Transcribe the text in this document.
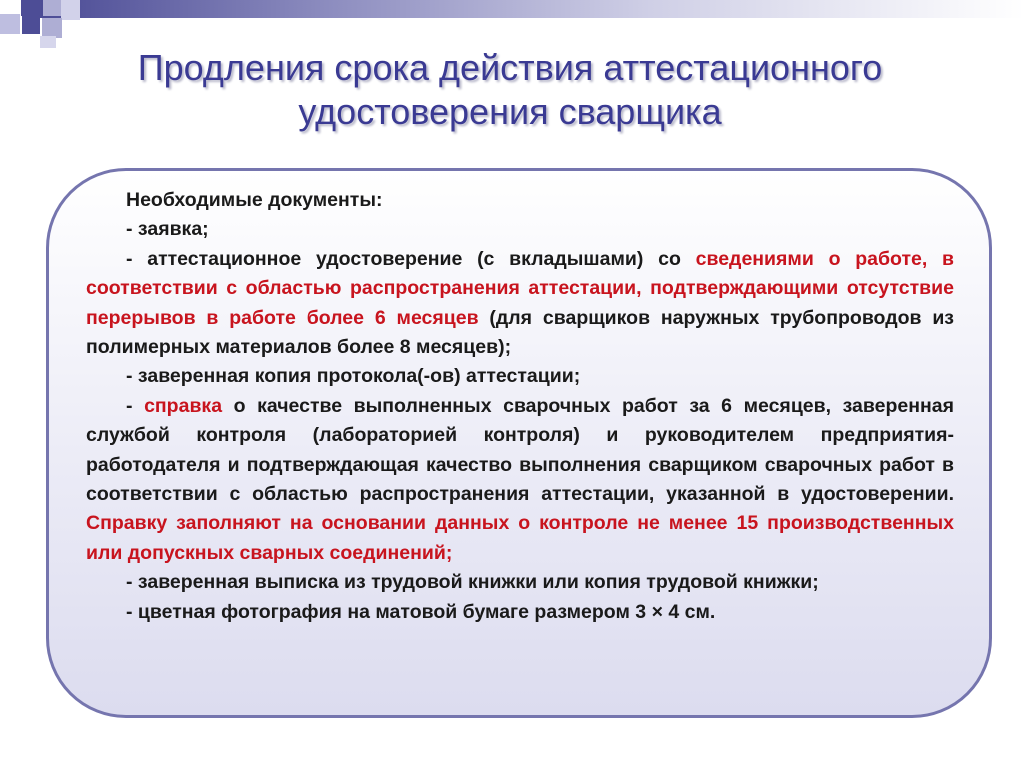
Продления срока действия аттестационного
удостоверения сварщика

Необходимые документы:

- заявка;

- аттестационное удостоверение (с вкладышами) со сведениями о работе, в соответствии с областью распространения аттестации, подтверждающими отсутствие перерывов в работе более 6 месяцев (для сварщиков наружных трубопроводов из полимерных материалов более 8 месяцев);

- заверенная копия протокола(-ов) аттестации;

- справка о качестве выполненных сварочных работ за 6 месяцев, заверенная службой контроля (лабораторией контроля) и руководителем предприятия-работодателя и подтверждающая качество выполнения сварщиком сварочных работ в соответствии с областью распространения аттестации, указанной в удостоверении. Справку заполняют на основании данных о контроле не менее 15 производственных или допускных сварных соединений;

- заверенная выписка из трудовой книжки или копия трудовой книжки;

- цветная фотография на матовой бумаге размером 3 × 4 см.
